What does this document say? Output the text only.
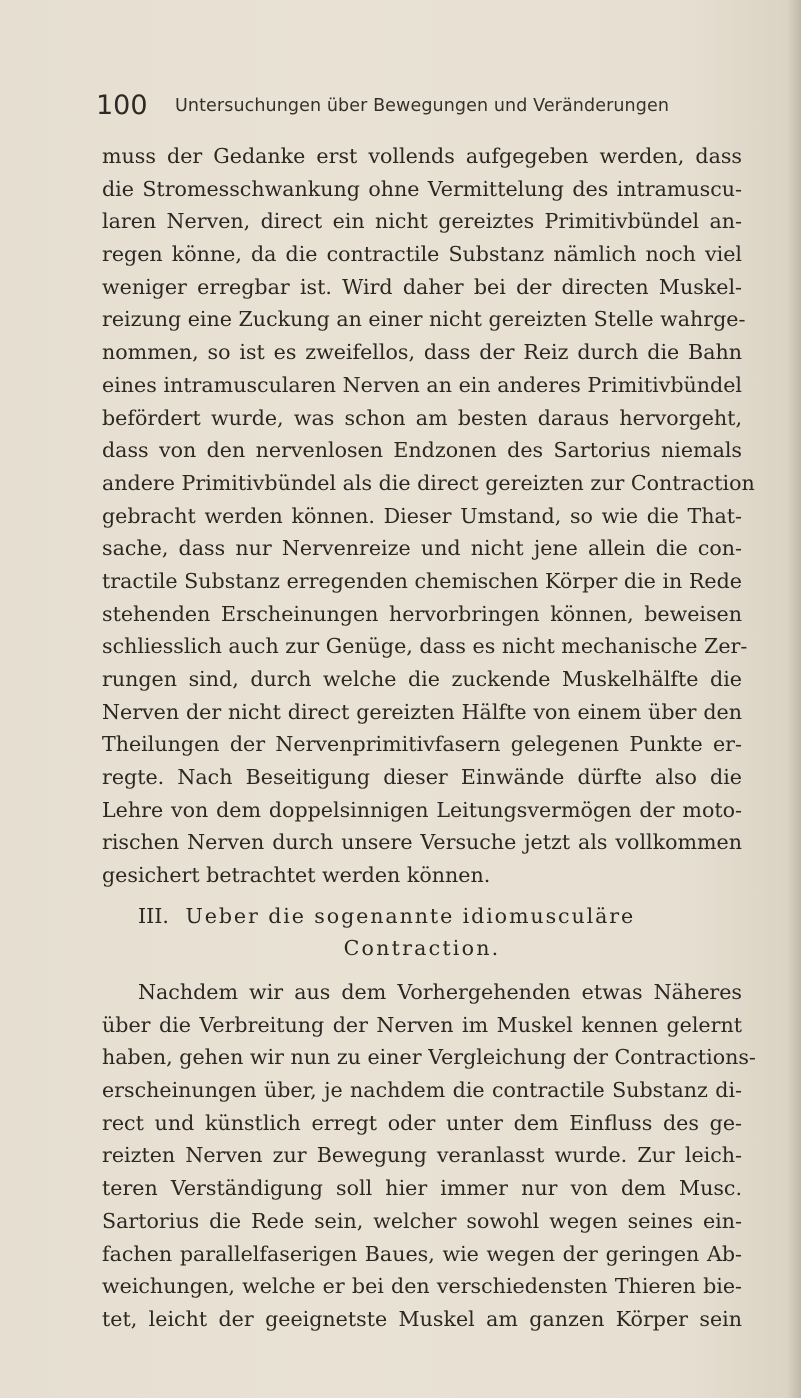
100 Untersuchungen über Bewegungen und Veränderungen
muss der Gedanke erst vollends aufgegeben werden, dass
die Stromesschwankung ohne Vermittelung des intramuscu-
laren Nerven, direct ein nicht gereiztes Primitivbündel an-
regen könne, da die contractile Substanz nämlich noch viel
weniger erregbar ist. Wird daher bei der directen Muskel-
reizung eine Zuckung an einer nicht gereizten Stelle wahrge-
nommen, so ist es zweifellos, dass der Reiz durch die Bahn
eines intramuscularen Nerven an ein anderes Primitivbündel
befördert wurde, was schon am besten daraus hervorgeht,
dass von den nervenlosen Endzonen des Sartorius niemals
andere Primitivbündel als die direct gereizten zur Contraction
gebracht werden können. Dieser Umstand, so wie die That-
sache, dass nur Nervenreize und nicht jene allein die con-
tractile Substanz erregenden chemischen Körper die in Rede
stehenden Erscheinungen hervorbringen können, beweisen
schliesslich auch zur Genüge, dass es nicht mechanische Zer-
rungen sind, durch welche die zuckende Muskelhälfte die
Nerven der nicht direct gereizten Hälfte von einem über den
Theilungen der Nervenprimitivfasern gelegenen Punkte er-
regte. Nach Beseitigung dieser Einwände dürfte also die
Lehre von dem doppelsinnigen Leitungsvermögen der moto-
rischen Nerven durch unsere Versuche jetzt als vollkommen
gesichert betrachtet werden können.
III. Ueber die sogenannte idiomusculäre
Contraction.
Nachdem wir aus dem Vorhergehenden etwas Näheres
über die Verbreitung der Nerven im Muskel kennen gelernt
haben, gehen wir nun zu einer Vergleichung der Contractions-
erscheinungen über, je nachdem die contractile Substanz di-
rect und künstlich erregt oder unter dem Einfluss des ge-
reizten Nerven zur Bewegung veranlasst wurde. Zur leich-
teren Verständigung soll hier immer nur von dem Musc.
Sartorius die Rede sein, welcher sowohl wegen seines ein-
fachen parallelfaserigen Baues, wie wegen der geringen Ab-
weichungen, welche er bei den verschiedensten Thieren bie-
tet, leicht der geeignetste Muskel am ganzen Körper sein
